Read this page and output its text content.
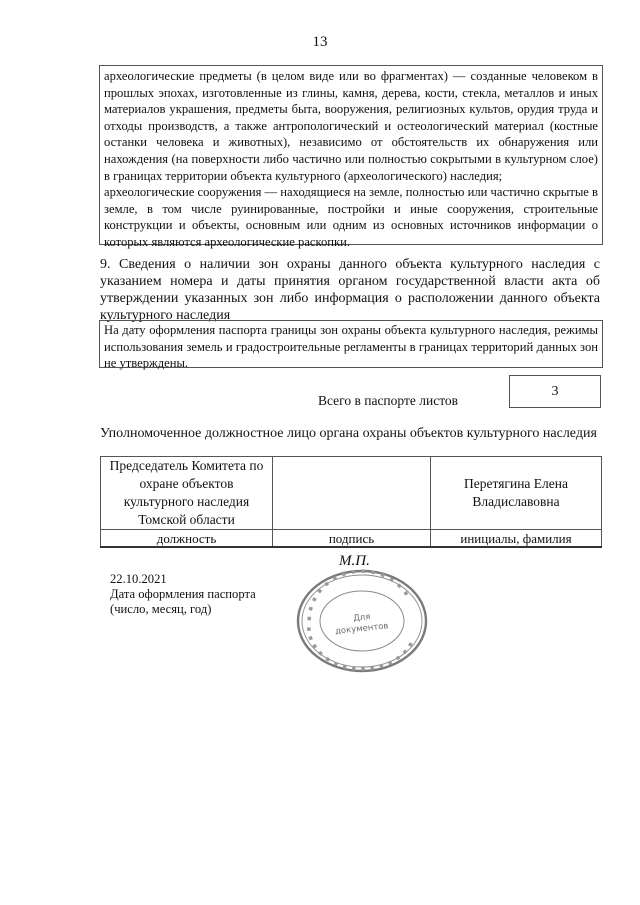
13

археологические предметы (в целом виде или во фрагментах) — созданные человеком в прошлых эпохах, изготовленные из глины, камня, дерева, кости, стекла, металлов и иных материалов украшения, предметы быта, вооружения, религиозных культов, орудия труда и отходы производств, а также антропологический и остеологический материал (костные останки человека и животных), независимо от обстоятельств их обнаружения или нахождения (на поверхности либо частично или полностью сокрытыми в культурном слое) в границах территории объекта культурного (археологического) наследия;

археологические сооружения — находящиеся на земле, полностью или частично скрытые в земле, в том числе руинированные, постройки и иные сооружения, строительные конструкции и объекты, основным или одним из основных источников информации о которых являются археологические раскопки.

9. Сведения о наличии зон охраны данного объекта культурного наследия с указанием номера и даты принятия органом государственной власти акта об утверждении указанных зон либо информация о расположении данного объекта культурного наследия
На дату оформления паспорта границы зон охраны объекта культурного наследия, режимы использования земель и градостроительные регламенты в границах территорий данных зон не утверждены.
Всего в паспорте листов
3
Уполномоченное должностное лицо органа охраны объектов культурного наследия
Председатель Комитета по охране объектов культурного наследия Томской области		Перетягина Елена Владиславовна
должность	подпись	инициалы, фамилия
М.П.
22.10.2021
Дата оформления паспорта
(число, месяц, год)
▪ ▪ ▪ ▪ ▪ ▪ ▪ ▪ ▪ ▪ ▪ ▪ ▪ ▪
▪ ▪ ▪ ▪ ▪ ▪ ▪ ▪ ▪ ▪ ▪ ▪ ▪ ▪ ▪
Для
документов
